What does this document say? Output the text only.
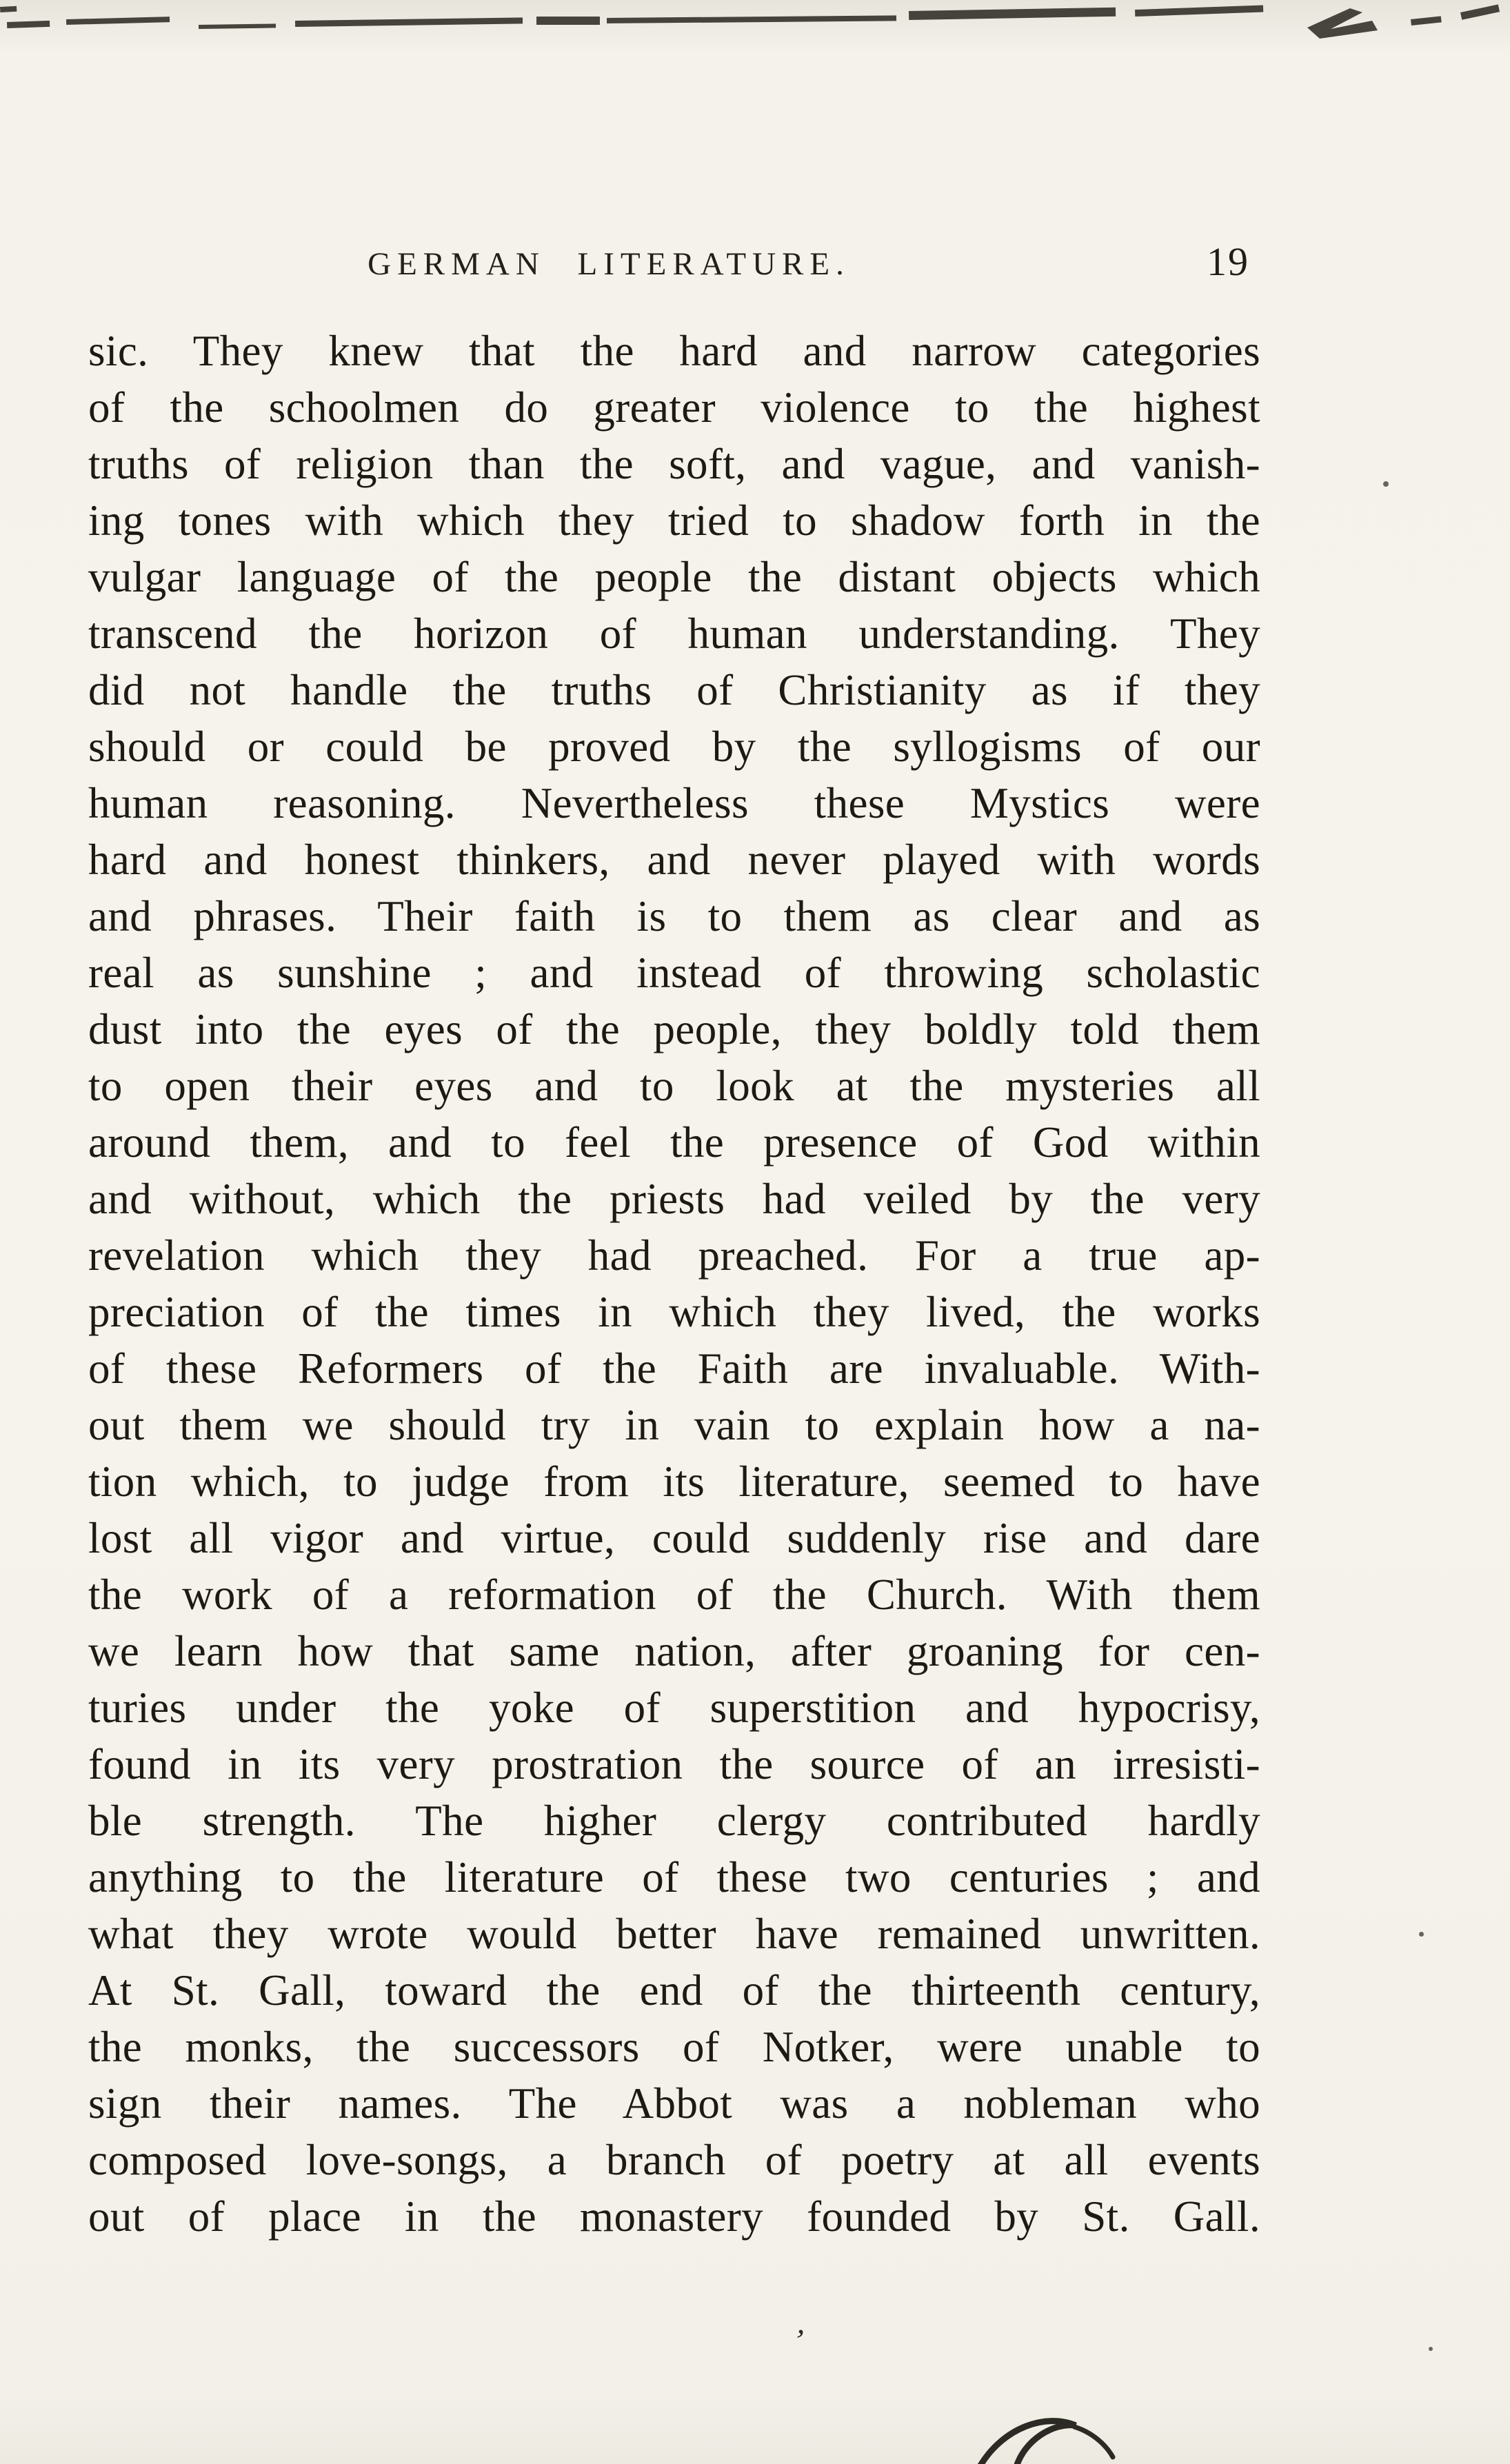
GERMAN LITERATURE.	19
sic. They knew that the hard and narrow categories
of the schoolmen do greater violence to the highest
truths of religion than the soft, and vague, and vanish-
ing tones with which they tried to shadow forth in the
vulgar language of the people the distant objects which
transcend the horizon of human understanding. They
did not handle the truths of Christianity as if they
should or could be proved by the syllogisms of our
human reasoning. Nevertheless these Mystics were
hard and honest thinkers, and never played with words
and phrases. Their faith is to them as clear and as
real as sunshine ; and instead of throwing scholastic
dust into the eyes of the people, they boldly told them
to open their eyes and to look at the mysteries all
around them, and to feel the presence of God within
and without, which the priests had veiled by the very
revelation which they had preached. For a true ap-
preciation of the times in which they lived, the works
of these Reformers of the Faith are invaluable. With-
out them we should try in vain to explain how a na-
tion which, to judge from its literature, seemed to have
lost all vigor and virtue, could suddenly rise and dare
the work of a reformation of the Church. With them
we learn how that same nation, after groaning for cen-
turies under the yoke of superstition and hypocrisy,
found in its very prostration the source of an irresisti-
ble strength. The higher clergy contributed hardly
anything to the literature of these two centuries ; and
what they wrote would better have remained unwritten.
At St. Gall, toward the end of the thirteenth century,
the monks, the successors of Notker, were unable to
sign their names. The Abbot was a nobleman who
composed love-songs, a branch of poetry at all events
out of place in the monastery founded by St. Gall.
’
